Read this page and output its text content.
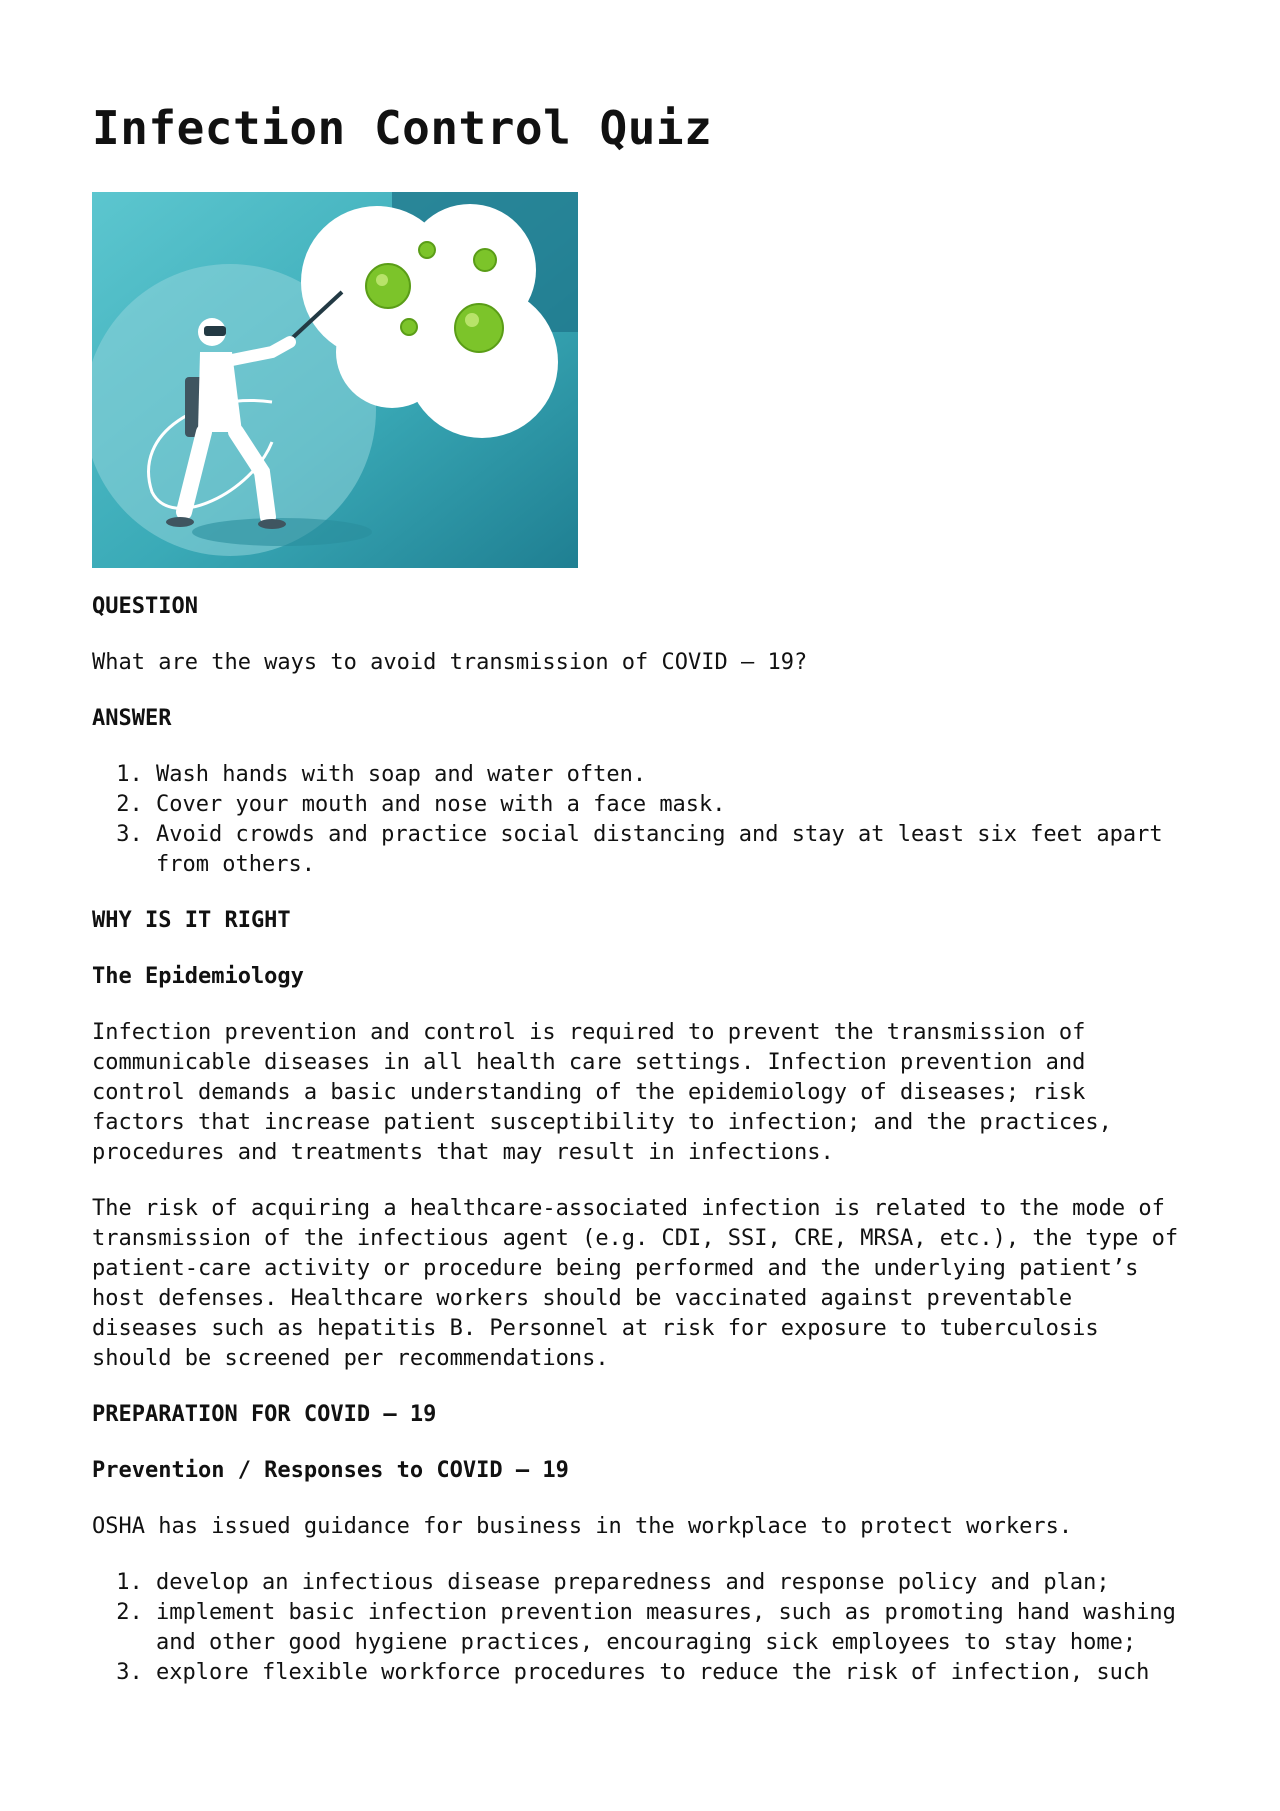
Infection Control Quiz

QUESTION

What are the ways to avoid transmission of COVID – 19?

ANSWER

1. Wash hands with soap and water often.
2. Cover your mouth and nose with a face mask.
3. Avoid crowds and practice social distancing and stay at least six feet apart from others.

WHY IS IT RIGHT

The Epidemiology

Infection prevention and control is required to prevent the transmission of communicable diseases in all health care settings. Infection prevention and control demands a basic understanding of the epidemiology of diseases; risk factors that increase patient susceptibility to infection; and the practices, procedures and treatments that may result in infections.

The risk of acquiring a healthcare-associated infection is related to the mode of transmission of the infectious agent (e.g. CDI, SSI, CRE, MRSA, etc.), the type of patient-care activity or procedure being performed and the underlying patient’s host defenses. Healthcare workers should be vaccinated against preventable diseases such as hepatitis B. Personnel at risk for exposure to tuberculosis should be screened per recommendations.

PREPARATION FOR COVID – 19

Prevention / Responses to COVID – 19

OSHA has issued guidance for business in the workplace to protect workers.

1. develop an infectious disease preparedness and response policy and plan;
2. implement basic infection prevention measures, such as promoting hand washing and other good hygiene practices, encouraging sick employees to stay home;
3. explore flexible workforce procedures to reduce the risk of infection, such
